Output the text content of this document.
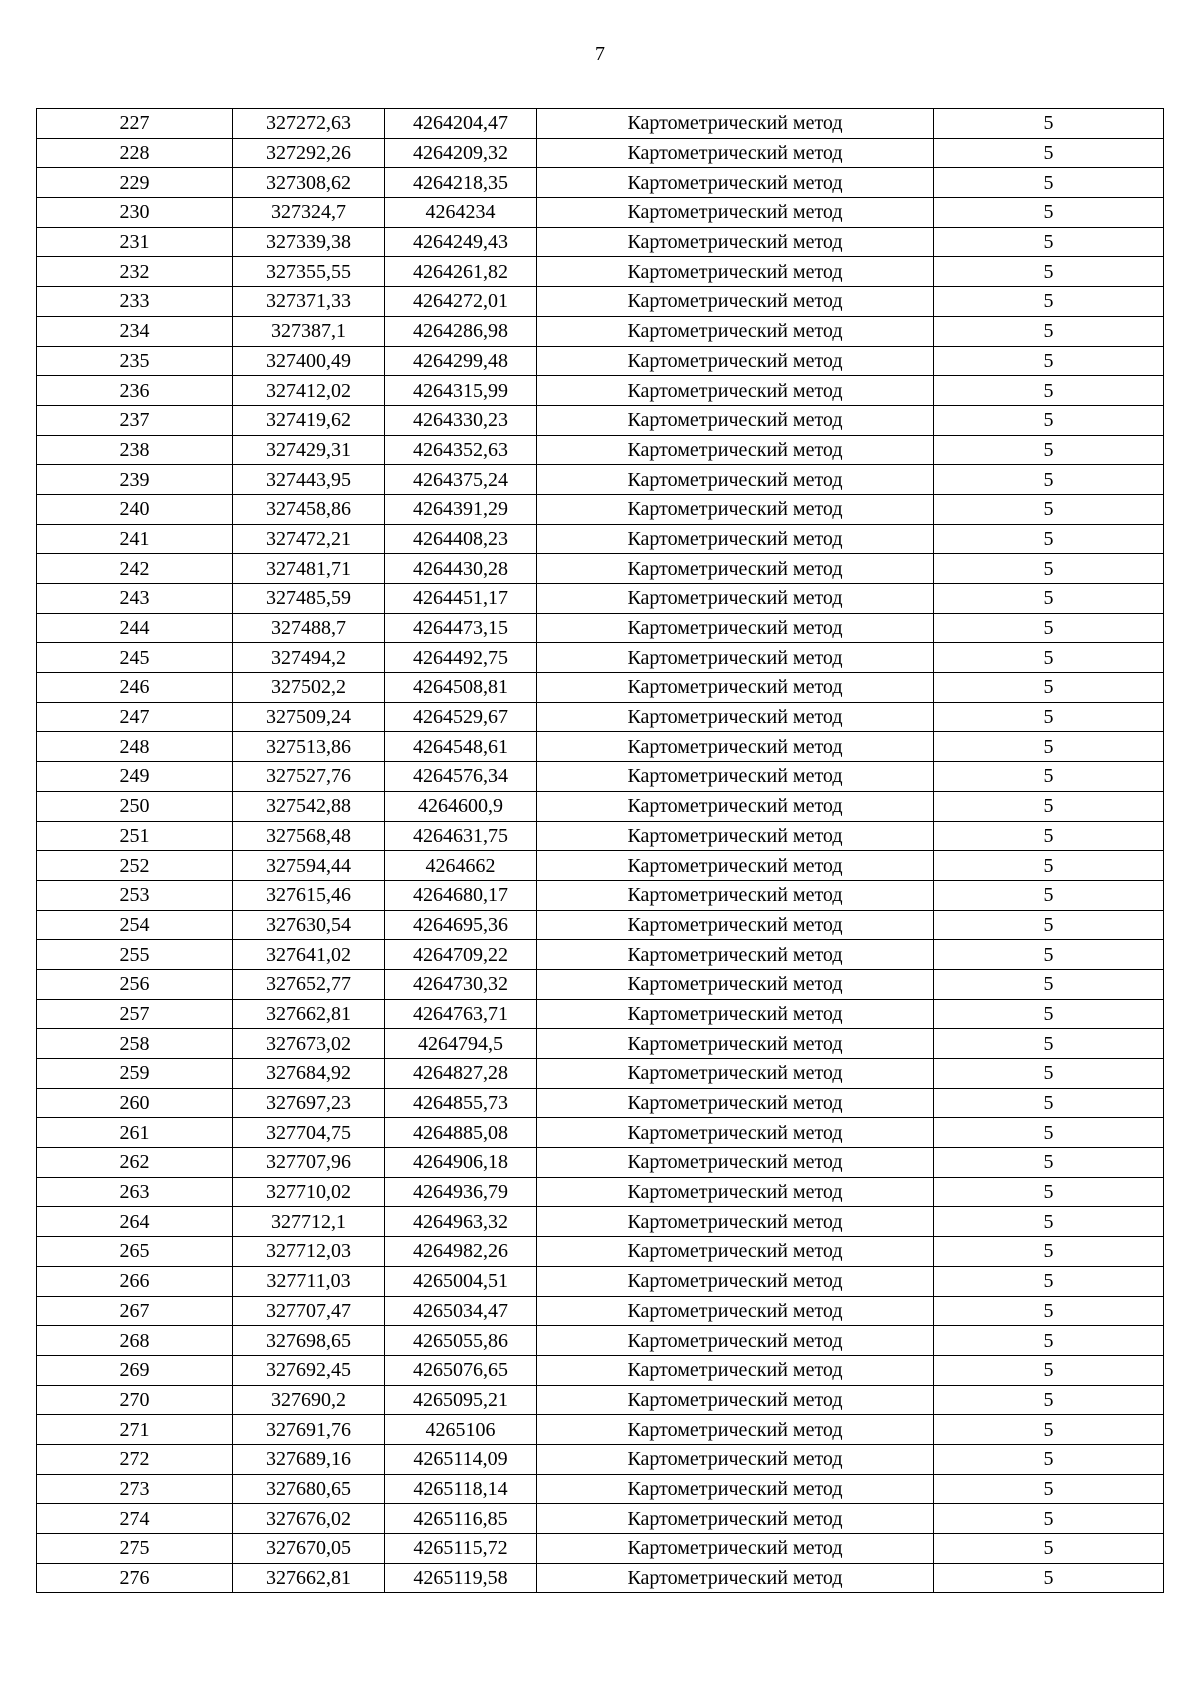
7
227	327272,63	4264204,47	Картометрический метод	5
228	327292,26	4264209,32	Картометрический метод	5
229	327308,62	4264218,35	Картометрический метод	5
230	327324,7	4264234	Картометрический метод	5
231	327339,38	4264249,43	Картометрический метод	5
232	327355,55	4264261,82	Картометрический метод	5
233	327371,33	4264272,01	Картометрический метод	5
234	327387,1	4264286,98	Картометрический метод	5
235	327400,49	4264299,48	Картометрический метод	5
236	327412,02	4264315,99	Картометрический метод	5
237	327419,62	4264330,23	Картометрический метод	5
238	327429,31	4264352,63	Картометрический метод	5
239	327443,95	4264375,24	Картометрический метод	5
240	327458,86	4264391,29	Картометрический метод	5
241	327472,21	4264408,23	Картометрический метод	5
242	327481,71	4264430,28	Картометрический метод	5
243	327485,59	4264451,17	Картометрический метод	5
244	327488,7	4264473,15	Картометрический метод	5
245	327494,2	4264492,75	Картометрический метод	5
246	327502,2	4264508,81	Картометрический метод	5
247	327509,24	4264529,67	Картометрический метод	5
248	327513,86	4264548,61	Картометрический метод	5
249	327527,76	4264576,34	Картометрический метод	5
250	327542,88	4264600,9	Картометрический метод	5
251	327568,48	4264631,75	Картометрический метод	5
252	327594,44	4264662	Картометрический метод	5
253	327615,46	4264680,17	Картометрический метод	5
254	327630,54	4264695,36	Картометрический метод	5
255	327641,02	4264709,22	Картометрический метод	5
256	327652,77	4264730,32	Картометрический метод	5
257	327662,81	4264763,71	Картометрический метод	5
258	327673,02	4264794,5	Картометрический метод	5
259	327684,92	4264827,28	Картометрический метод	5
260	327697,23	4264855,73	Картометрический метод	5
261	327704,75	4264885,08	Картометрический метод	5
262	327707,96	4264906,18	Картометрический метод	5
263	327710,02	4264936,79	Картометрический метод	5
264	327712,1	4264963,32	Картометрический метод	5
265	327712,03	4264982,26	Картометрический метод	5
266	327711,03	4265004,51	Картометрический метод	5
267	327707,47	4265034,47	Картометрический метод	5
268	327698,65	4265055,86	Картометрический метод	5
269	327692,45	4265076,65	Картометрический метод	5
270	327690,2	4265095,21	Картометрический метод	5
271	327691,76	4265106	Картометрический метод	5
272	327689,16	4265114,09	Картометрический метод	5
273	327680,65	4265118,14	Картометрический метод	5
274	327676,02	4265116,85	Картометрический метод	5
275	327670,05	4265115,72	Картометрический метод	5
276	327662,81	4265119,58	Картометрический метод	5
